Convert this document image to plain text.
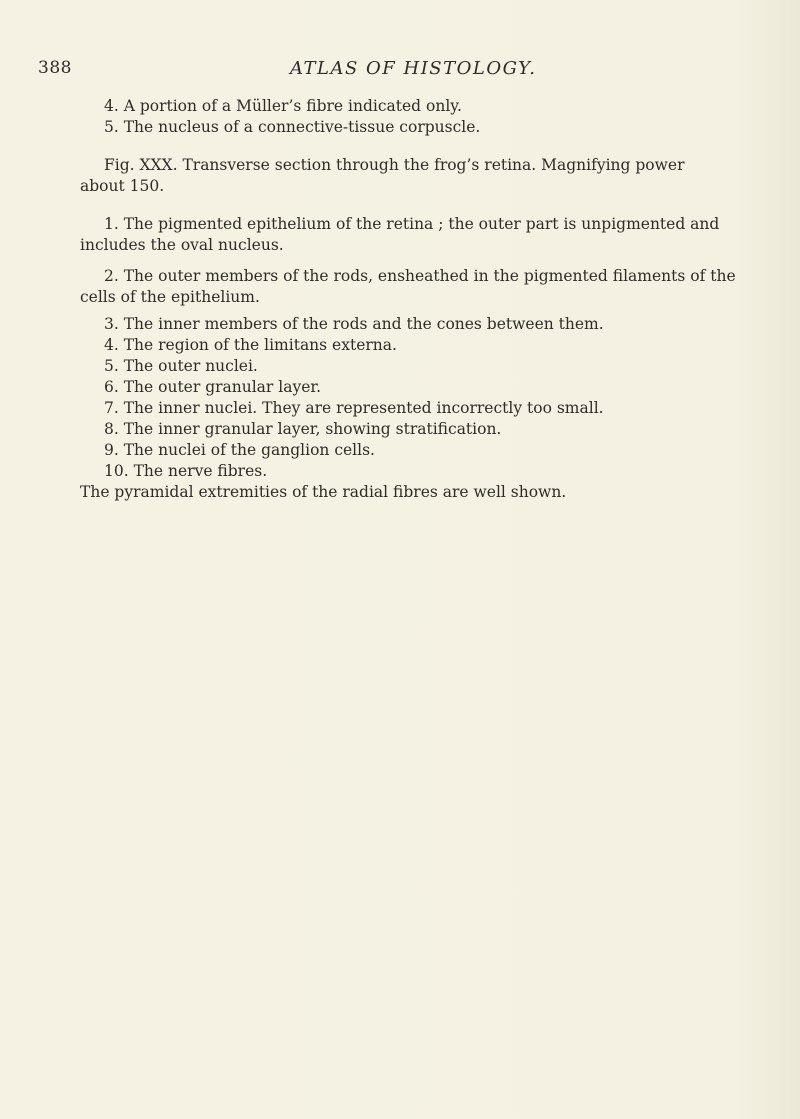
388	ATLAS OF HISTOLOGY.
4. A portion of a Müller’s fibre indicated only.
5. The nucleus of a connective-tissue corpuscle.
Fig. XXX. Transverse section through the frog’s retina. Magnifying power
about 150.
1. The pigmented epithelium of the retina ; the outer part is unpigmented and
includes the oval nucleus.
2. The outer members of the rods, ensheathed in the pigmented filaments of the
cells of the epithelium.
3. The inner members of the rods and the cones between them.
4. The region of the limitans externa.
5. The outer nuclei.
6. The outer granular layer.
7. The inner nuclei. They are represented incorrectly too small.
8. The inner granular layer, showing stratification.
9. The nuclei of the ganglion cells.
10. The nerve fibres.
The pyramidal extremities of the radial fibres are well shown.
